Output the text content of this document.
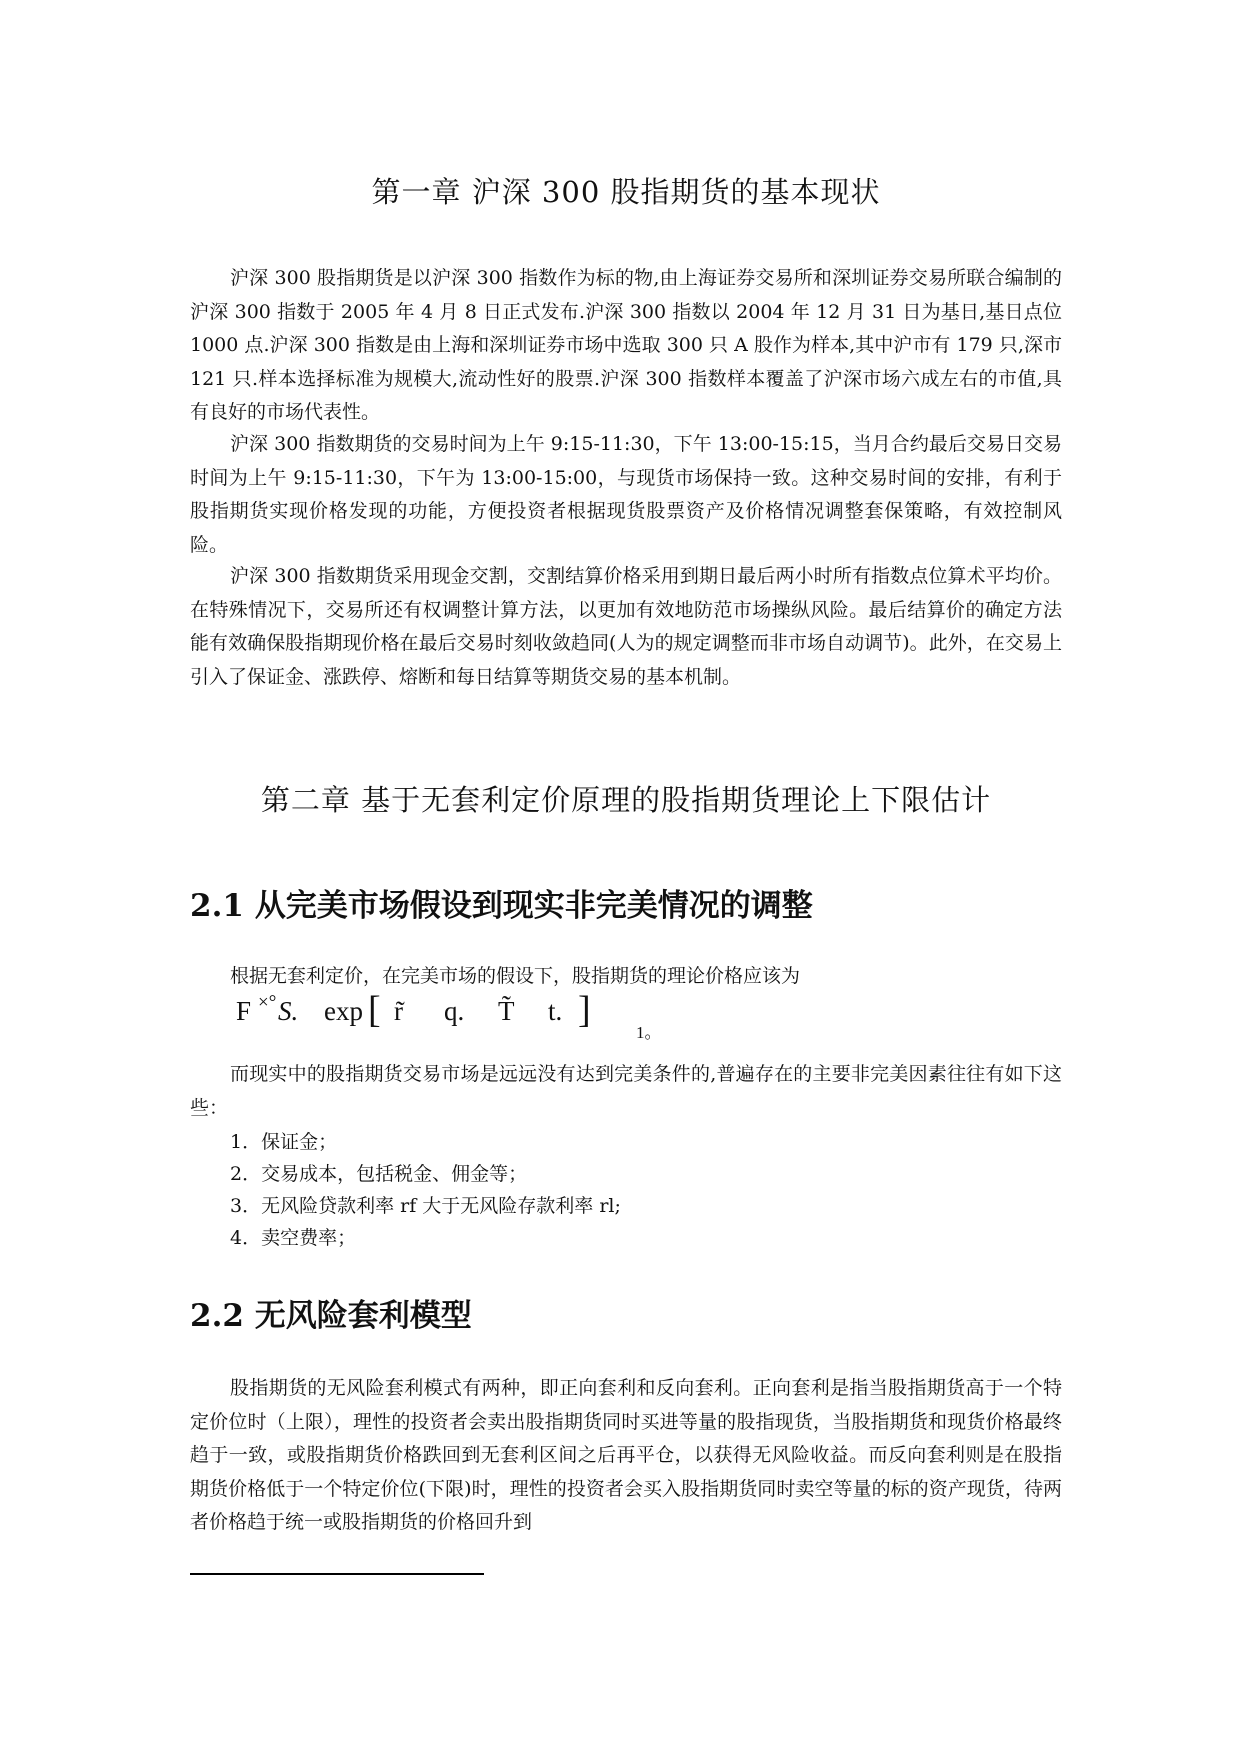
第一章 沪深 300 股指期货的基本现状

沪深 300 股指期货是以沪深 300 指数作为标的物,由上海证券交易所和深圳证券交易所联合编制的沪深 300 指数于 2005 年 4 月 8 日正式发布.沪深 300 指数以 2004 年 12 月 31 日为基日,基日点位 1000 点.沪深 300 指数是由上海和深圳证券市场中选取 300 只 A 股作为样本,其中沪市有 179 只,深市 121 只.样本选择标准为规模大,流动性好的股票.沪深 300 指数样本覆盖了沪深市场六成左右的市值,具有良好的市场代表性。

沪深 300 指数期货的交易时间为上午 9:15-11:30，下午 13:00-15:15，当月合约最后交易日交易时间为上午 9:15-11:30，下午为 13:00-15:00，与现货市场保持一致。这种交易时间的安排，有利于股指期货实现价格发现的功能，方便投资者根据现货股票资产及价格情况调整套保策略，有效控制风险。

沪深 300 指数期货采用现金交割，交割结算价格采用到期日最后两小时所有指数点位算术平均价。在特殊情况下，交易所还有权调整计算方法，以更加有效地防范市场操纵风险。最后结算价的确定方法能有效确保股指期现价格在最后交易时刻收敛趋同(人为的规定调整而非市场自动调节)。此外，在交易上引入了保证金、涨跌停、熔断和每日结算等期货交易的基本机制。

第二章 基于无套利定价原理的股指期货理论上下限估计
2.1 从完美市场假设到现实非完美情况的调整

根据无套利定价，在完美市场的假设下，股指期货的理论价格应该为

F ×° S. exp [ r̃ q. T̃ t. ]
1。

而现实中的股指期货交易市场是远远没有达到完美条件的,普遍存在的主要非完美因素往往有如下这些：

1．保证金；

2．交易成本，包括税金、佣金等；

3．无风险贷款利率 rf 大于无风险存款利率 rl;

4．卖空费率；

2.2 无风险套利模型

股指期货的无风险套利模式有两种，即正向套利和反向套利。正向套利是指当股指期货高于一个特定价位时（上限），理性的投资者会卖出股指期货同时买进等量的股指现货，当股指期货和现货价格最终趋于一致，或股指期货价格跌回到无套利区间之后再平仓，以获得无风险收益。而反向套利则是在股指期货价格低于一个特定价位(下限)时，理性的投资者会买入股指期货同时卖空等量的标的资产现货，待两者价格趋于统一或股指期货的价格回升到
